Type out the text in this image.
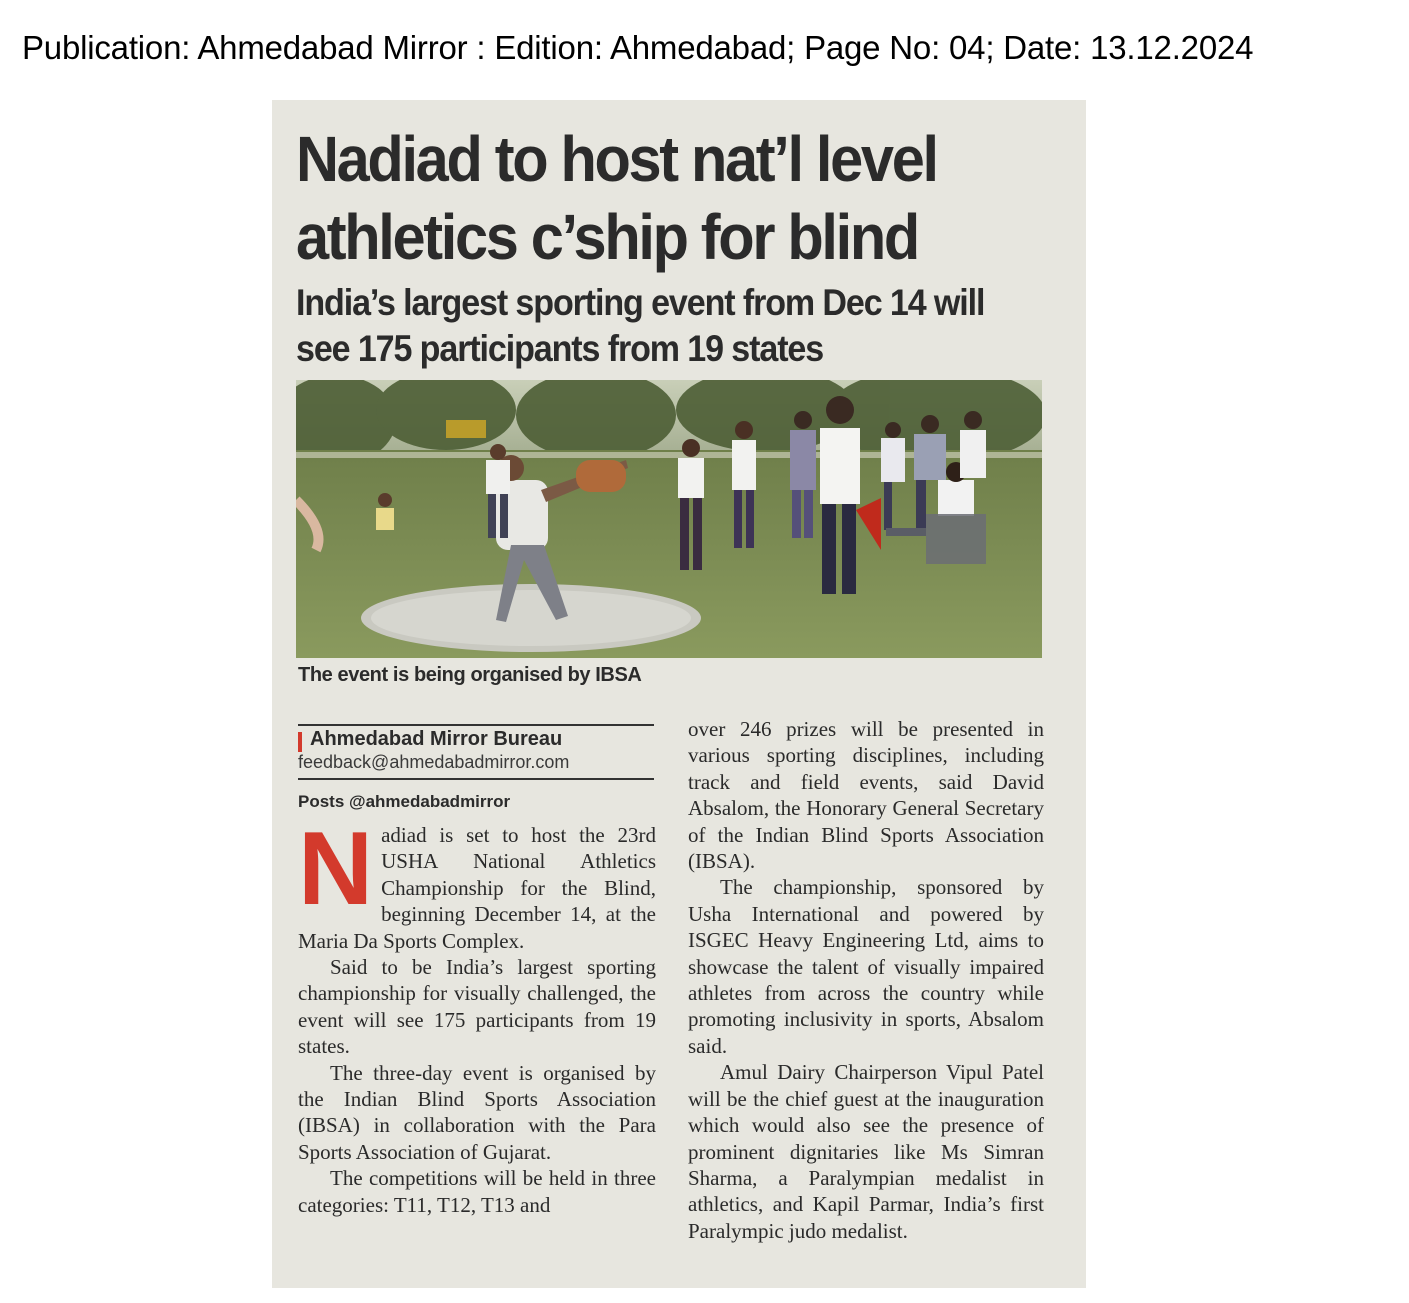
Publication: Ahmedabad Mirror : Edition: Ahmedabad; Page No: 04; Date: 13.12.2024
Nadiad to host nat’l level athletics c’ship for blind
India’s largest sporting event from Dec 14 will see 175 participants from 19 states
The event is being organised by IBSA
Ahmedabad Mirror Bureau
feedback@ahmedabadmirror.com
Posts @ahmedabadmirror

Nadiad is set to host the 23rd USHA National Athletics Championship for the Blind, beginning December 14, at the Maria Da Sports Complex.

Said to be India’s largest sporting championship for visually challenged, the event will see 175 participants from 19 states.

The three-day event is organised by the Indian Blind Sports Association (IBSA) in collaboration with the Para Sports Association of Gujarat.

The competitions will be held in three categories: T11, T12, T13 and

over 246 prizes will be presented in various sporting disciplines, including track and field events, said David Absalom, the Honorary General Secretary of the Indian Blind Sports Association (IBSA).

The championship, sponsored by Usha International and powered by ISGEC Heavy Engineering Ltd, aims to showcase the talent of visually impaired athletes from across the country while promoting inclusivity in sports, Absalom said.

Amul Dairy Chairperson Vipul Patel will be the chief guest at the inauguration which would also see the presence of prominent dignitaries like Ms Simran Sharma, a Paralympian medalist in athletics, and Kapil Parmar, India’s first Paralympic judo medalist.
